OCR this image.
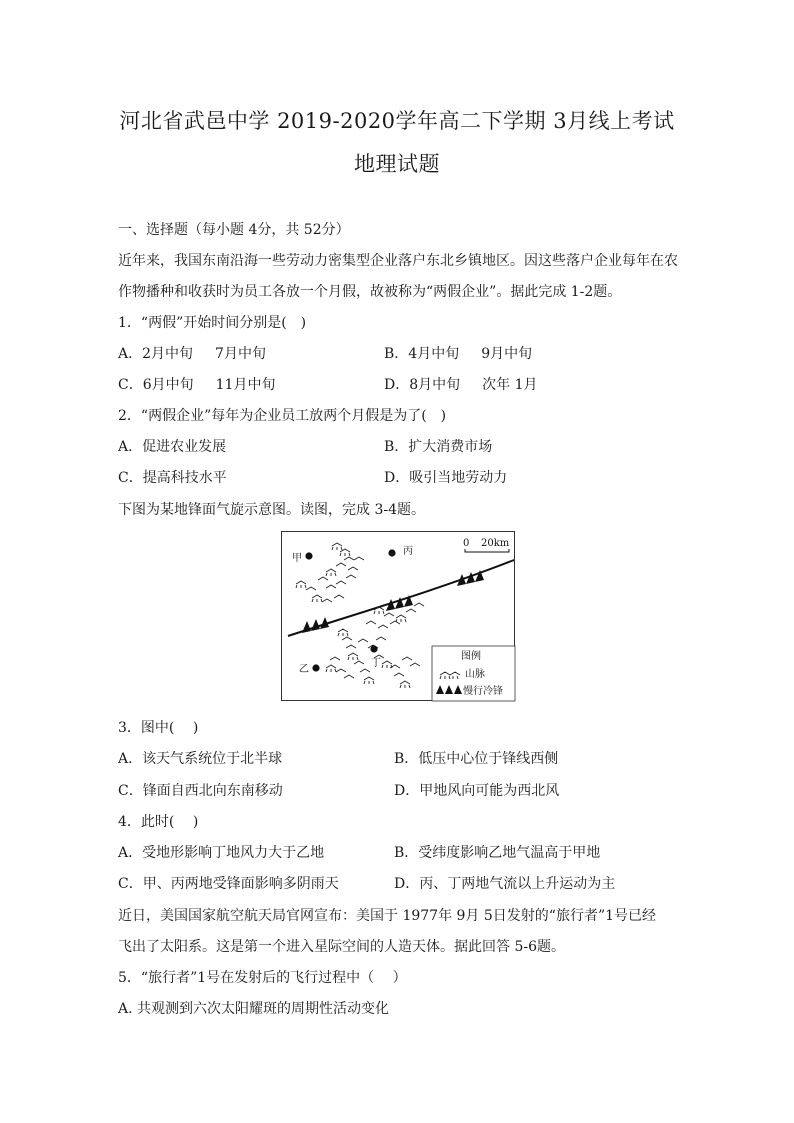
河北省武邑中学 2019-2020学年高二下学期 3月线上考试
地理试题
一、选择题（每小题 4分，共 52分）
近年来，我国东南沿海一些劳动力密集型企业落户东北乡镇地区。因这些落户企业每年在农
作物播种和收获时为员工各放一个月假，故被称为“两假企业”。据此完成 1-2题。
1．“两假”开始时间分别是(　)
A．2月中旬 7月中旬	B．4月中旬 9月中旬
C．6月中旬 11月中旬	D．8月中旬 次年 1月
2．“两假企业”每年为企业员工放两个月假是为了(　)
A．促进农业发展	B．扩大消费市场
C．提高科技水平	D．吸引当地劳动力
下图为某地锋面气旋示意图。读图，完成 3-4题。
甲
丙
丁
乙
0 20km
图例
山脉
慢行冷锋
3．图中(　 )
A．该天气系统位于北半球	B．低压中心位于锋线西侧
C．锋面自西北向东南移动	D．甲地风向可能为西北风
4．此时(　 )
A．受地形影响丁地风力大于乙地	B．受纬度影响乙地气温高于甲地
C．甲、丙两地受锋面影响多阴雨天	D．丙、丁两地气流以上升运动为主
近日，美国国家航空航天局官网宣布：美国于 1977年 9月 5日发射的“旅行者”1号已经
飞出了太阳系。这是第一个进入星际空间的人造天体。据此回答 5-6题。
5．“旅行者”1号在发射后的飞行过程中（　 ）
A. 共观测到六次太阳耀斑的周期性活动变化
